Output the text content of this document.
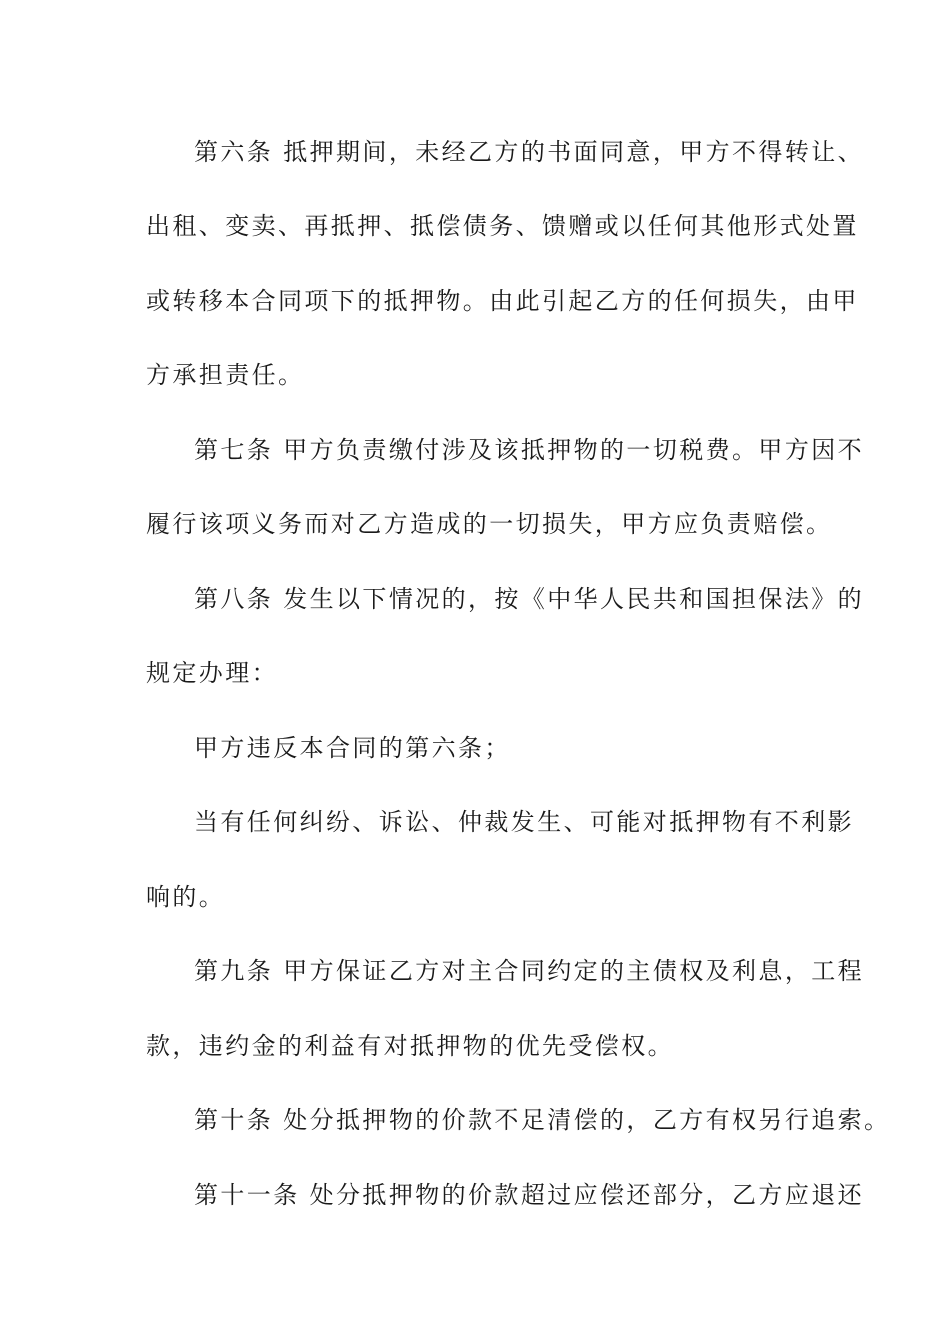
第六条 抵押期间，未经乙方的书面同意，甲方不得转让、
出租、变卖、再抵押、抵偿债务、馈赠或以任何其他形式处置
或转移本合同项下的抵押物。由此引起乙方的任何损失，由甲
方承担责任。
第七条 甲方负责缴付涉及该抵押物的一切税费。甲方因不
履行该项义务而对乙方造成的一切损失，甲方应负责赔偿。
第八条 发生以下情况的，按《中华人民共和国担保法》的
规定办理：
甲方违反本合同的第六条；
当有任何纠纷、诉讼、仲裁发生、可能对抵押物有不利影
响的。
第九条 甲方保证乙方对主合同约定的主债权及利息，工程
款，违约金的利益有对抵押物的优先受偿权。
第十条 处分抵押物的价款不足清偿的，乙方有权另行追索。
第十一条 处分抵押物的价款超过应偿还部分，乙方应退还
